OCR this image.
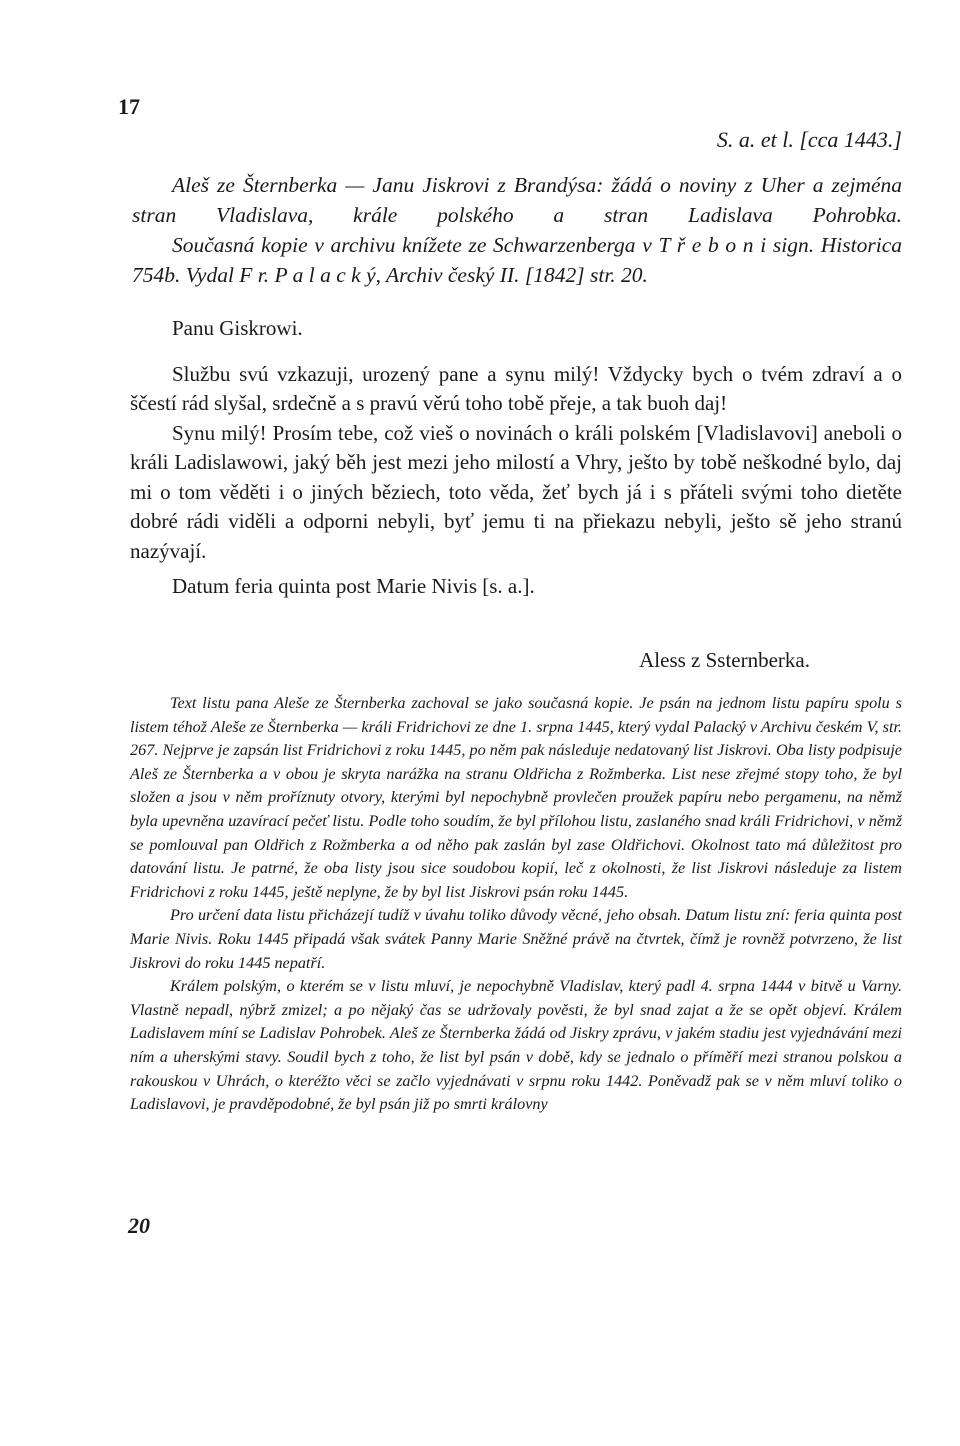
17
S. a. et l. [cca 1443.]

Aleš ze Šternberka — Janu Jiskrovi z Brandýsa: žádá o noviny z Uher a zejména stran Vladislava, krále polského a stran Ladislava Pohrobka.

Současná kopie v archivu knížete ze Schwarzenberga v T ř e b o n i sign. Historica 754b. Vydal F r. P a l a c k ý, Archiv český II. [1842] str. 20.

Panu Giskrowi.

Službu svú vzkazuji, urozený pane a synu milý! Vždycky bych o tvém zdraví a o ščestí rád slyšal, srdečně a s pravú věrú toho tobě přeje, a tak buoh daj!

Synu milý! Prosím tebe, což vieš o novinách o králi polském [Vladislavovi] aneboli o králi Ladislawowi, jaký běh jest mezi jeho milostí a Vhry, ješto by tobě neškodné bylo, daj mi o tom věděti i o jiných běziech, toto věda, žeť bych já i s přáteli svými toho dietěte dobré rádi viděli a odporni nebyli, byť jemu ti na přiekazu nebyli, ješto sě jeho stranú nazývají.

Datum feria quinta post Marie Nivis [s. a.].

Aless z Ssternberka.

Text listu pana Aleše ze Šternberka zachoval se jako současná kopie. Je psán na jednom listu papíru spolu s listem téhož Aleše ze Šternberka — králi Fridrichovi ze dne 1. srpna 1445, který vydal Palacký v Archivu českém V, str. 267. Nejprve je zapsán list Fridrichovi z roku 1445, po něm pak následuje nedatovaný list Jiskrovi. Oba listy podpisuje Aleš ze Šternberka a v obou je skryta narážka na stranu Oldřicha z Rožmberka. List nese zřejmé stopy toho, že byl složen a jsou v něm proříznuty otvory, kterými byl nepochybně provlečen proužek papíru nebo pergamenu, na němž byla upevněna uzavírací pečeť listu. Podle toho soudím, že byl přílohou listu, zaslaného snad králi Fridrichovi, v němž se pomlouval pan Oldřich z Rožmberka a od něho pak zaslán byl zase Oldřichovi. Okolnost tato má důležitost pro datování listu. Je patrné, že oba listy jsou sice soudobou kopií, leč z okolnosti, že list Jiskrovi následuje za listem Fridrichovi z roku 1445, ještě neplyne, že by byl list Jiskrovi psán roku 1445.

Pro určení data listu přicházejí tudíž v úvahu toliko důvody věcné, jeho obsah. Datum listu zní: feria quinta post Marie Nivis. Roku 1445 připadá však svátek Panny Marie Sněžné právě na čtvrtek, čímž je rovněž potvrzeno, že list Jiskrovi do roku 1445 nepatří.

Králem polským, o kterém se v listu mluví, je nepochybně Vladislav, který padl 4. srpna 1444 v bitvě u Varny. Vlastně nepadl, nýbrž zmizel; a po nějaký čas se udržovaly pověsti, že byl snad zajat a že se opět objeví. Králem Ladislavem míní se Ladislav Pohrobek. Aleš ze Šternberka žádá od Jiskry zprávu, v jakém stadiu jest vyjednávání mezi ním a uherskými stavy. Soudil bych z toho, že list byl psán v době, kdy se jednalo o příměří mezi stranou polskou a rakouskou v Uhrách, o kteréžto věci se začlo vyjednávati v srpnu roku 1442. Poněvadž pak se v něm mluví toliko o Ladislavovi, je pravděpodobné, že byl psán již po smrti královny

20
